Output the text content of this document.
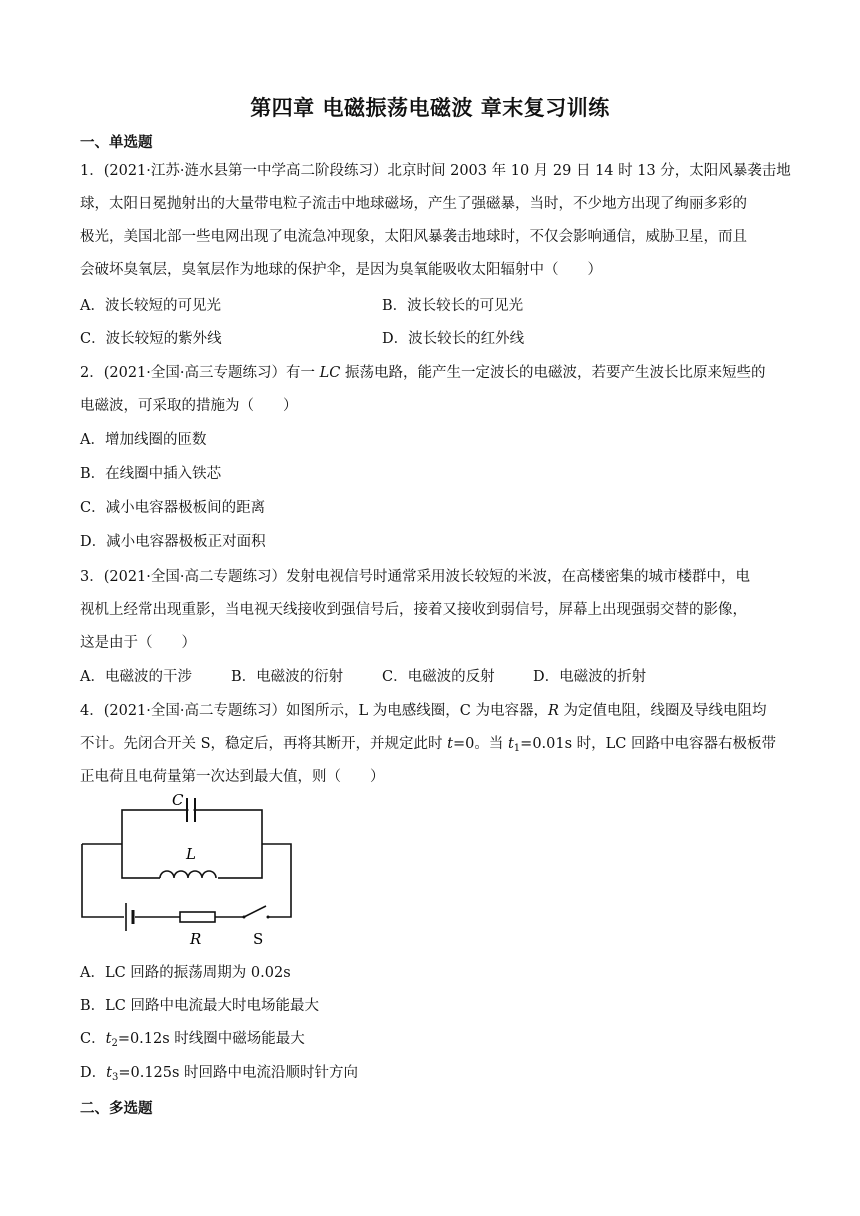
第四章 电磁振荡电磁波 章末复习训练
一、单选题
1．(2021·江苏·涟水县第一中学高二阶段练习）北京时间 2003 年 10 月 29 日 14 时 13 分，太阳风暴袭击地
球，太阳日冕抛射出的大量带电粒子流击中地球磁场，产生了强磁暴，当时，不少地方出现了绚丽多彩的
极光，美国北部一些电网出现了电流急冲现象，太阳风暴袭击地球时，不仅会影响通信，威胁卫星，而且
会破坏臭氧层，臭氧层作为地球的保护伞，是因为臭氧能吸收太阳辐射中（　　）
A．波长较短的可见光	B．波长较长的可见光
C．波长较短的紫外线	D．波长较长的红外线
2．(2021·全国·高三专题练习）有一 LC 振荡电路，能产生一定波长的电磁波，若要产生波长比原来短些的
电磁波，可采取的措施为（　　）
A．增加线圈的匝数
B．在线圈中插入铁芯
C．减小电容器极板间的距离
D．减小电容器极板正对面积
3．(2021·全国·高二专题练习）发射电视信号时通常采用波长较短的米波，在高楼密集的城市楼群中，电
视机上经常出现重影，当电视天线接收到强信号后，接着又接收到弱信号，屏幕上出现强弱交替的影像，
这是由于（　　）
A．电磁波的干涉	B．电磁波的衍射	C．电磁波的反射	D．电磁波的折射
4．(2021·全国·高二专题练习）如图所示，L 为电感线圈，C 为电容器，R 为定值电阻，线圈及导线电阻均
不计。先闭合开关 S，稳定后，再将其断开，并规定此时 t=0。当 $t_1=0.01s$ 时，LC 回路中电容器右极板带
正电荷且电荷量第一次达到最大值，则（　　）
C
L
R	S
A．LC 回路的振荡周期为 0.02s
B．LC 回路中电流最大时电场能最大
C．$t_2=0.12s$ 时线圈中磁场能最大
D．$t_3=0.125s$ 时回路中电流沿顺时针方向
二、多选题
